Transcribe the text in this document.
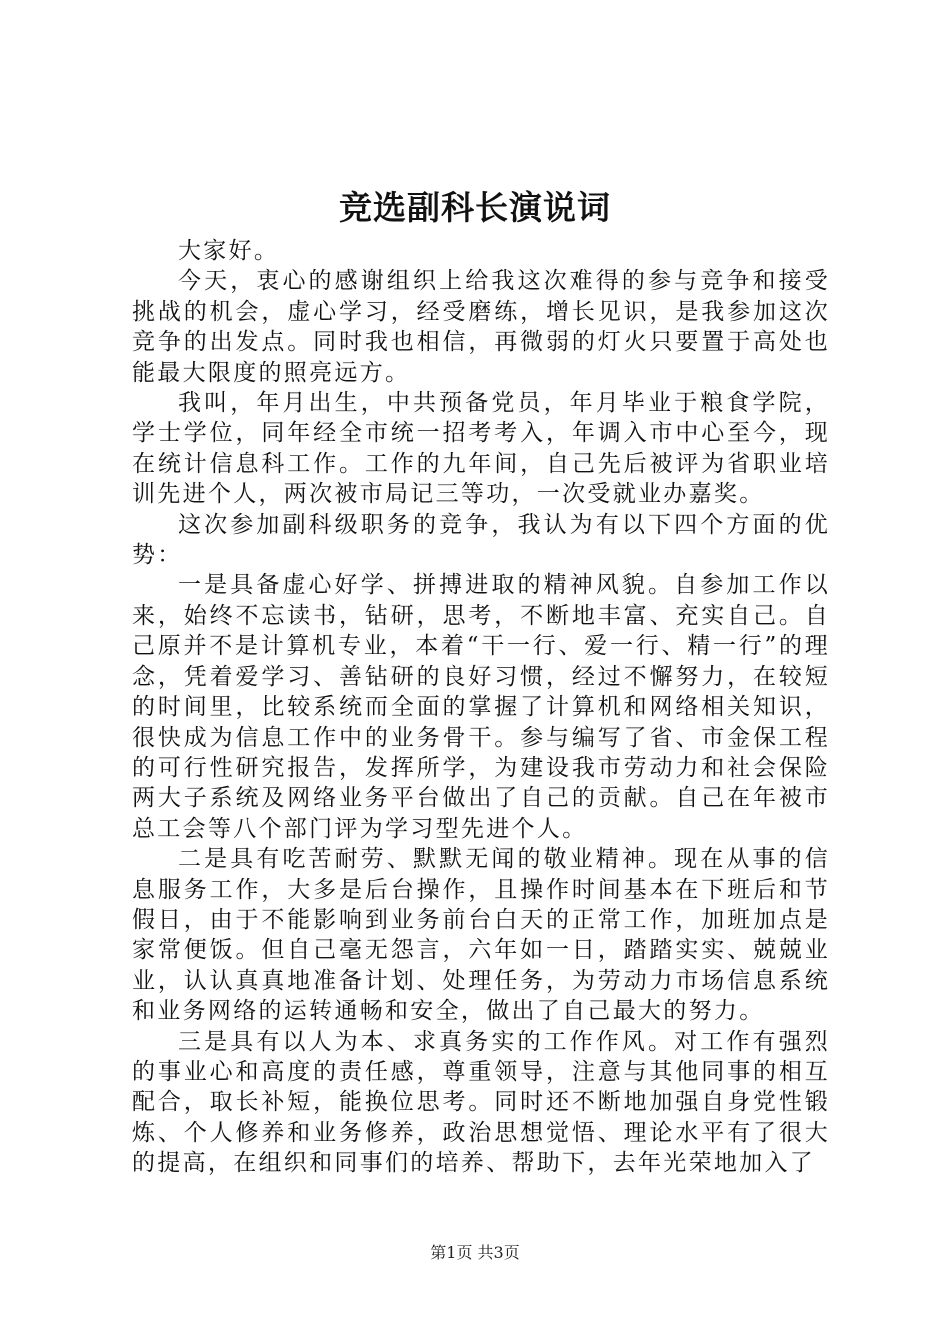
竞选副科长演说词

大家好。

今天，衷心的感谢组织上给我这次难得的参与竞争和接受挑战的机会，虚心学习，经受磨练，增长见识，是我参加这次竞争的出发点。同时我也相信，再微弱的灯火只要置于高处也能最大限度的照亮远方。

我叫，年月出生，中共预备党员，年月毕业于粮食学院，学士学位，同年经全市统一招考考入，年调入市中心至今，现在统计信息科工作。工作的九年间，自己先后被评为省职业培训先进个人，两次被市局记三等功，一次受就业办嘉奖。

这次参加副科级职务的竞争，我认为有以下四个方面的优势：

一是具备虚心好学、拼搏进取的精神风貌。自参加工作以来，始终不忘读书，钻研，思考，不断地丰富、充实自己。自己原并不是计算机专业，本着“干一行、爱一行、精一行”的理念，凭着爱学习、善钻研的良好习惯，经过不懈努力，在较短的时间里，比较系统而全面的掌握了计算机和网络相关知识，很快成为信息工作中的业务骨干。参与编写了省、市金保工程的可行性研究报告，发挥所学，为建设我市劳动力和社会保险两大子系统及网络业务平台做出了自己的贡献。自己在年被市总工会等八个部门评为学习型先进个人。

二是具有吃苦耐劳、默默无闻的敬业精神。现在从事的信息服务工作，大多是后台操作，且操作时间基本在下班后和节假日，由于不能影响到业务前台白天的正常工作，加班加点是家常便饭。但自己毫无怨言，六年如一日，踏踏实实、兢兢业业，认认真真地准备计划、处理任务，为劳动力市场信息系统和业务网络的运转通畅和安全，做出了自己最大的努力。

三是具有以人为本、求真务实的工作作风。对工作有强烈的事业心和高度的责任感，尊重领导，注意与其他同事的相互配合，取长补短，能换位思考。同时还不断地加强自身党性锻炼、个人修养和业务修养，政治思想觉悟、理论水平有了很大的提高，在组织和同事们的培养、帮助下，去年光荣地加入了

第1页 共3页
